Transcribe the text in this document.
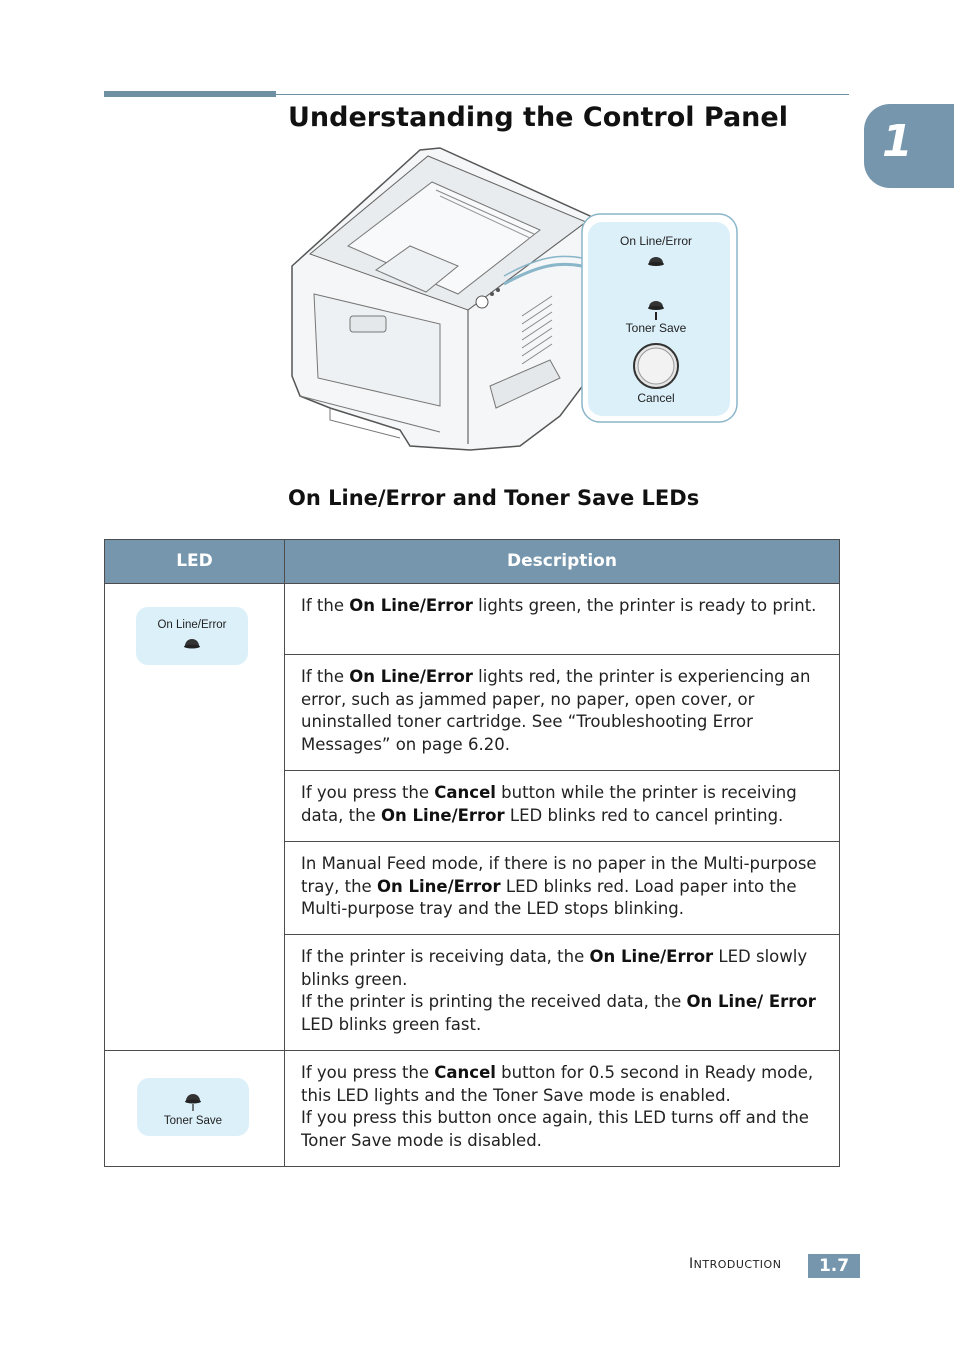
1
Understanding the Control Panel
On Line/Error
Toner Save
Cancel
On Line/Error and Toner Save LEDs
LED	Description

On Line/Error	If the On Line/Error lights green, the printer is ready to print.
	If the On Line/Error lights red, the printer is experiencing an error, such as jammed paper, no paper, open cover, or uninstalled toner cartridge. See “Troubleshooting Error Messages” on page 6.20.
	If you press the Cancel button while the printer is receiving data, the On Line/Error LED blinks red to cancel printing.
	In Manual Feed mode, if there is no paper in the Multi-purpose tray, the On Line/Error LED blinks red. Load paper into the Multi-purpose tray and the LED stops blinking.
	If the printer is receiving data, the On Line/Error LED slowly blinks green.
If the printer is printing the received data, the On Line/ Error LED blinks green fast.

Toner Save	If you press the Cancel button for 0.5 second in Ready mode, this LED lights and the Toner Save mode is enabled.
If you press this button once again, this LED turns off and the Toner Save mode is disabled.
INTRODUCTION	1.7
